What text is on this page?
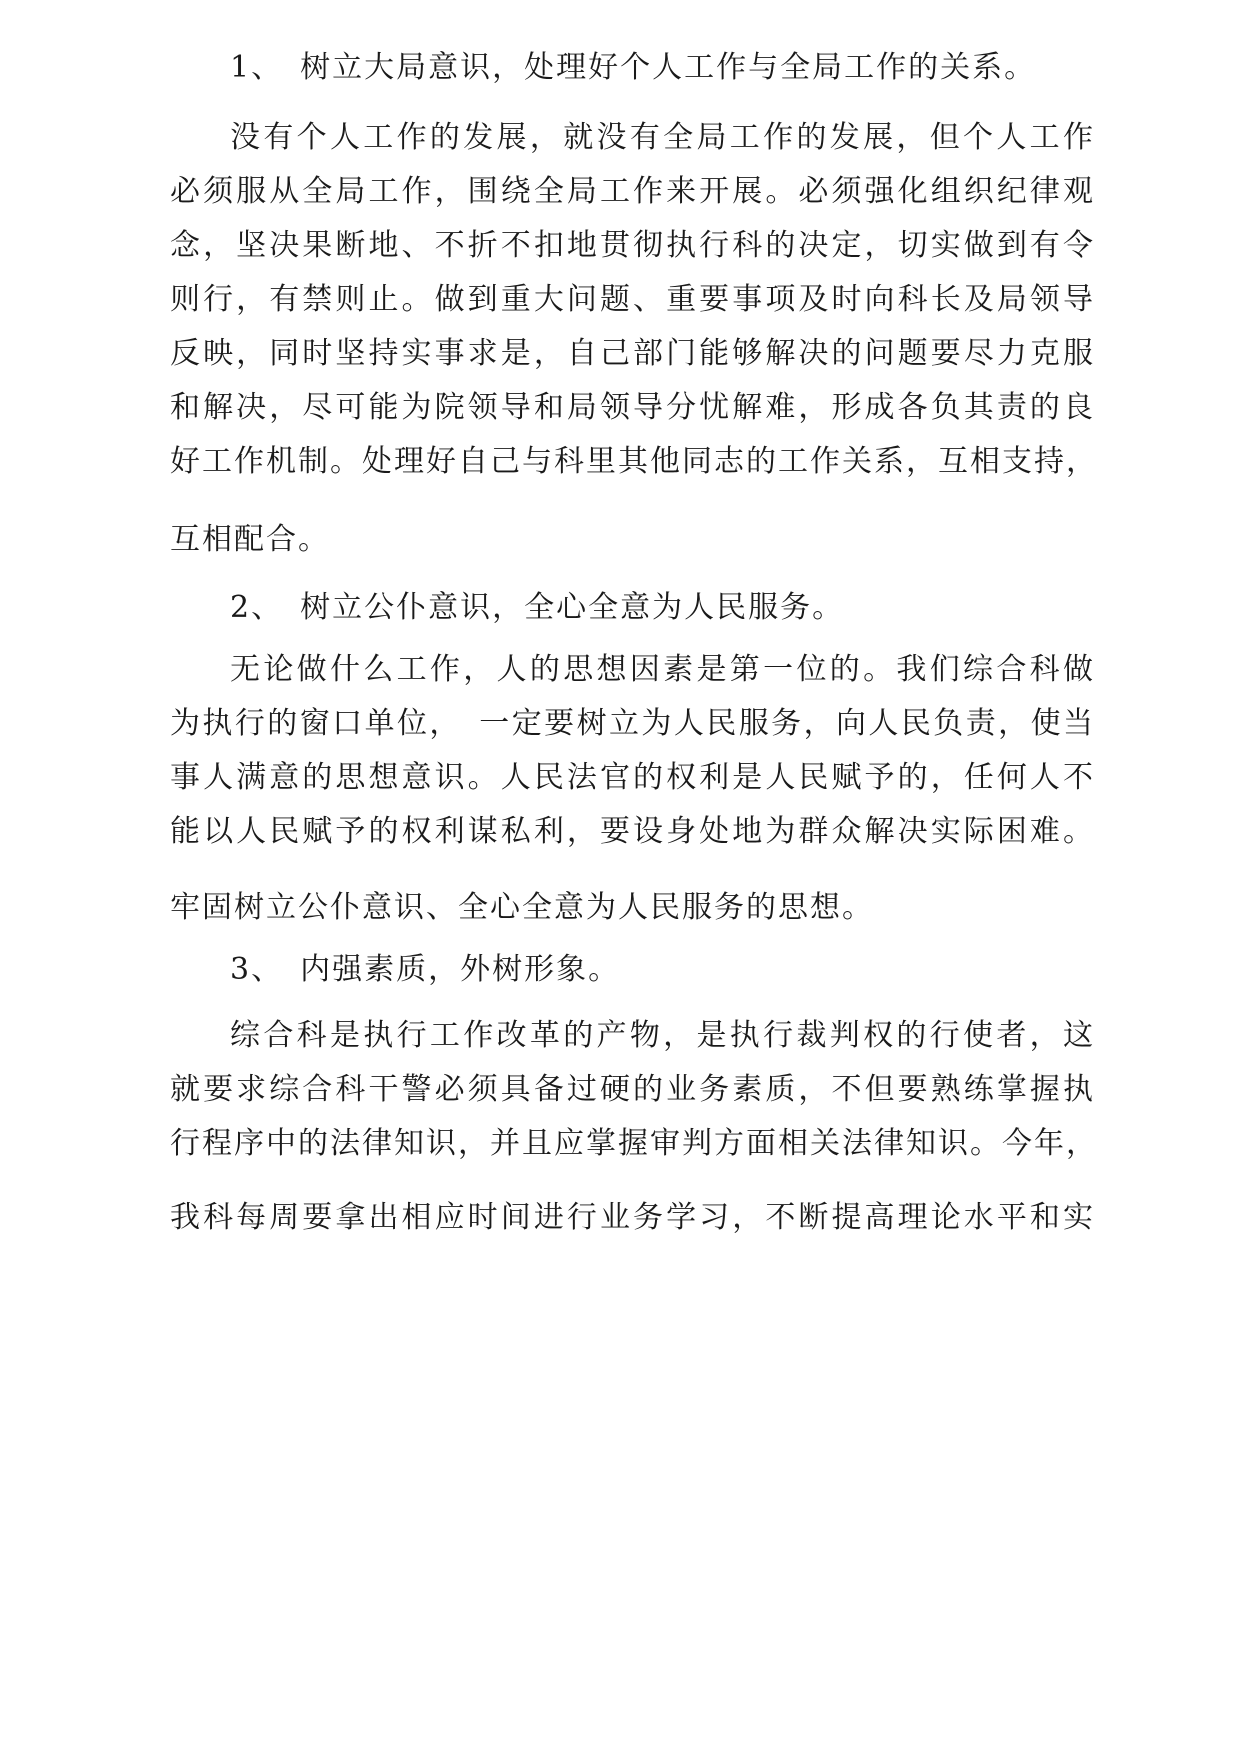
1、　树立大局意识，处理好个人工作与全局工作的关系。
没有个人工作的发展，就没有全局工作的发展，但个人工作
必须服从全局工作，围绕全局工作来开展。必须强化组织纪律观
念，坚决果断地、不折不扣地贯彻执行科的决定，切实做到有令
则行，有禁则止。做到重大问题、重要事项及时向科长及局领导
反映，同时坚持实事求是，自己部门能够解决的问题要尽力克服
和解决，尽可能为院领导和局领导分忧解难，形成各负其责的良
好工作机制。处理好自己与科里其他同志的工作关系，互相支持，
互相配合。
2、　树立公仆意识，全心全意为人民服务。
无论做什么工作，人的思想因素是第一位的。我们综合科做
为执行的窗口单位，　一定要树立为人民服务，向人民负责，使当
事人满意的思想意识。人民法官的权利是人民赋予的，任何人不
能以人民赋予的权利谋私利，要设身处地为群众解决实际困难。
牢固树立公仆意识、全心全意为人民服务的思想。
3、　内强素质，外树形象。
综合科是执行工作改革的产物，是执行裁判权的行使者，这
就要求综合科干警必须具备过硬的业务素质，不但要熟练掌握执
行程序中的法律知识，并且应掌握审判方面相关法律知识。今年，
我科每周要拿出相应时间进行业务学习，不断提高理论水平和实
